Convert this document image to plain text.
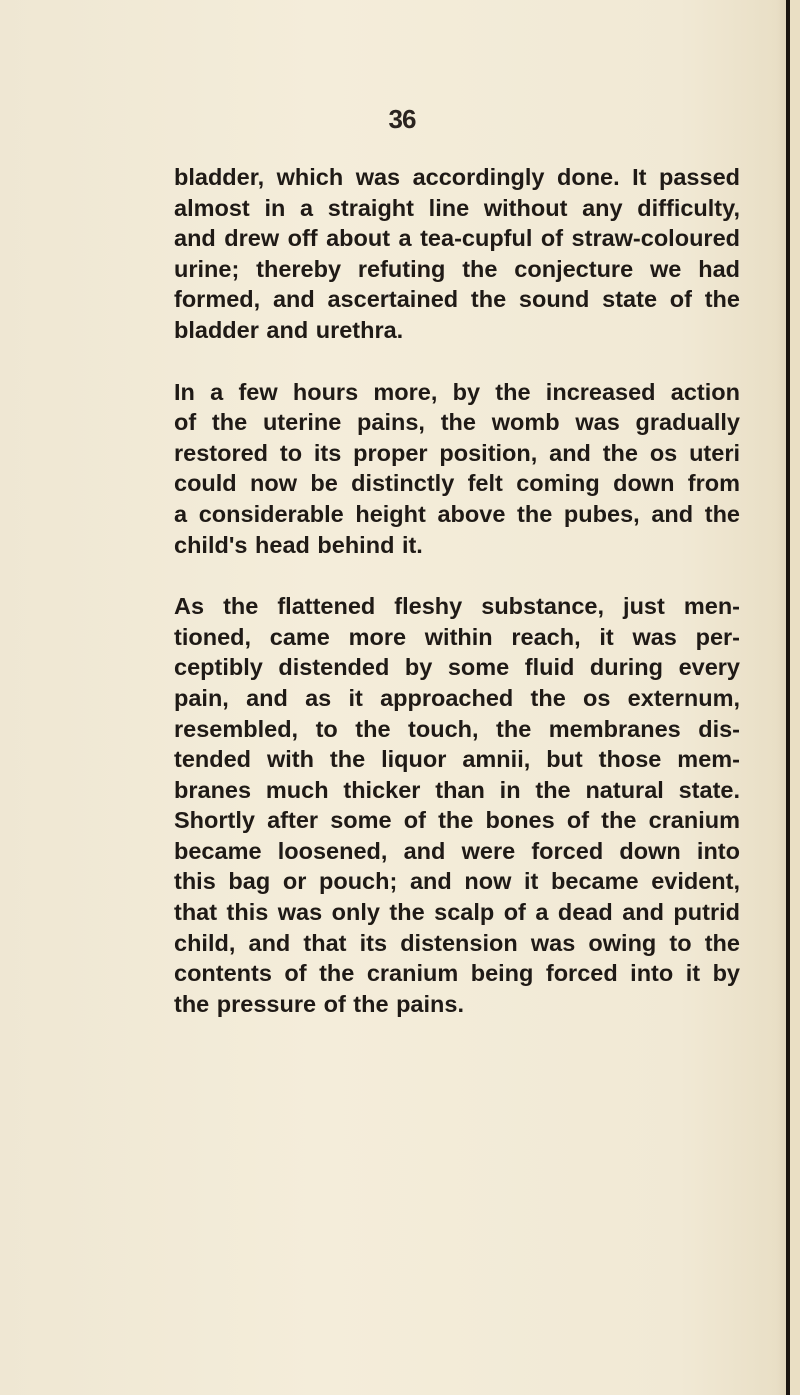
36

bladder, which was accordingly done. It passed
almost in a straight line without any difficulty,
and drew off about a tea-cupful of straw-coloured
urine; thereby refuting the conjecture we had
formed, and ascertained the sound state of the
bladder and urethra.

In a few hours more, by the increased action
of the uterine pains, the womb was gradually
restored to its proper position, and the os uteri
could now be distinctly felt coming down from
a considerable height above the pubes, and the
child's head behind it.

As the flattened fleshy substance, just men-
tioned, came more within reach, it was per-
ceptibly distended by some fluid during every
pain, and as it approached the os externum,
resembled, to the touch, the membranes dis-
tended with the liquor amnii, but those mem-
branes much thicker than in the natural state.
Shortly after some of the bones of the cranium
became loosened, and were forced down into
this bag or pouch; and now it became evident,
that this was only the scalp of a dead and putrid
child, and that its distension was owing to the
contents of the cranium being forced into it by
the pressure of the pains.
